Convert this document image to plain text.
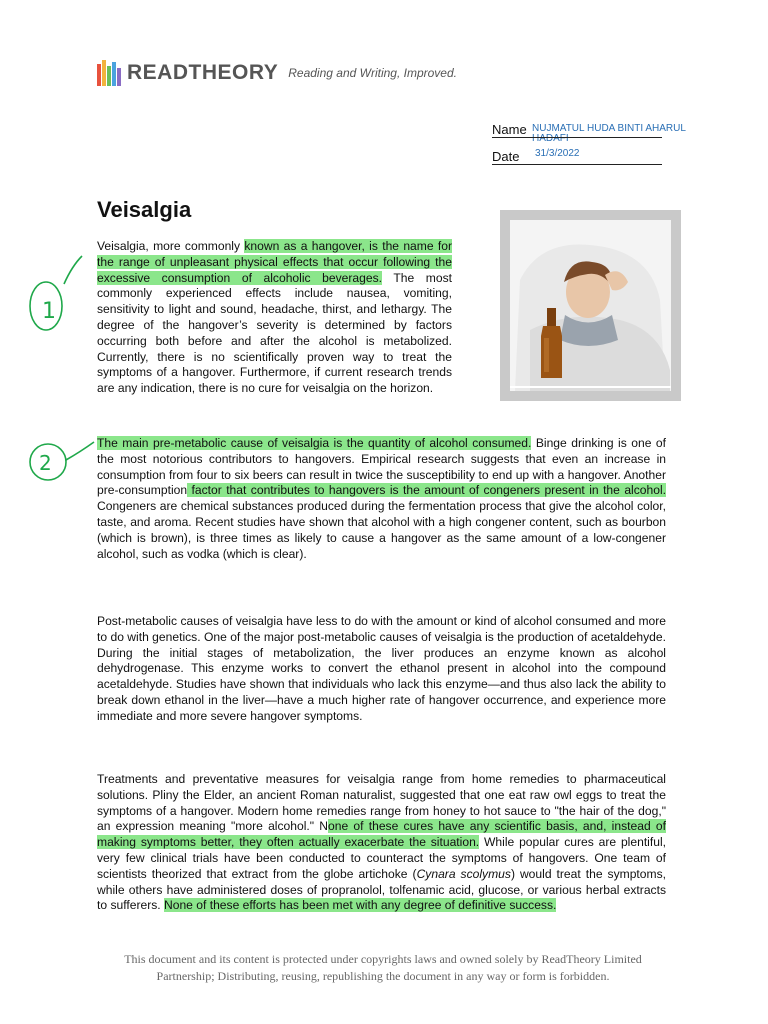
READTHEORY Reading and Writing, Improved.
Name NUJMATUL HUDA BINTI AHARUL
HADAFI
Date 31/3/2022
Veisalgia

Veisalgia, more commonly known as a hangover, is the name for the range of unpleasant physical effects that occur following the excessive consumption of alcoholic beverages. The most commonly experienced effects include nausea, vomiting, sensitivity to light and sound, headache, thirst, and lethargy. The degree of the hangover’s severity is determined by factors occurring both before and after the alcohol is metabolized. Currently, there is no scientifically proven way to treat the symptoms of a hangover. Furthermore, if current research trends are any indication, there is no cure for veisalgia on the horizon.

The main pre-metabolic cause of veisalgia is the quantity of alcohol consumed. Binge drinking is one of the most notorious contributors to hangovers. Empirical research suggests that even an increase in consumption from four to six beers can result in twice the susceptibility to end up with a hangover. Another pre-consumption factor that contributes to hangovers is the amount of congeners present in the alcohol. Congeners are chemical substances produced during the fermentation process that give the alcohol color, taste, and aroma. Recent studies have shown that alcohol with a high congener content, such as bourbon (which is brown), is three times as likely to cause a hangover as the same amount of a low-congener alcohol, such as vodka (which is clear).

Post-metabolic causes of veisalgia have less to do with the amount or kind of alcohol consumed and more to do with genetics. One of the major post-metabolic causes of veisalgia is the production of acetaldehyde. During the initial stages of metabolization, the liver produces an enzyme known as alcohol dehydrogenase. This enzyme works to convert the ethanol present in alcohol into the compound acetaldehyde. Studies have shown that individuals who lack this enzyme—and thus also lack the ability to break down ethanol in the liver—have a much higher rate of hangover occurrence, and experience more immediate and more severe hangover symptoms.

Treatments and preventative measures for veisalgia range from home remedies to pharmaceutical solutions. Pliny the Elder, an ancient Roman naturalist, suggested that one eat raw owl eggs to treat the symptoms of a hangover. Modern home remedies range from honey to hot sauce to "the hair of the dog," an expression meaning "more alcohol." None of these cures have any scientific basis, and, instead of making symptoms better, they often actually exacerbate the situation. While popular cures are plentiful, very few clinical trials have been conducted to counteract the symptoms of hangovers. One team of scientists theorized that extract from the globe artichoke (Cynara scolymus) would treat the symptoms, while others have administered doses of propranolol, tolfenamic acid, glucose, or various herbal extracts to sufferers. None of these efforts has been met with any degree of definitive success.

1
2

This document and its content is protected under copyrights laws and owned solely by ReadTheory Limited
Partnership; Distributing, reusing, republishing the document in any way or form is forbidden.
